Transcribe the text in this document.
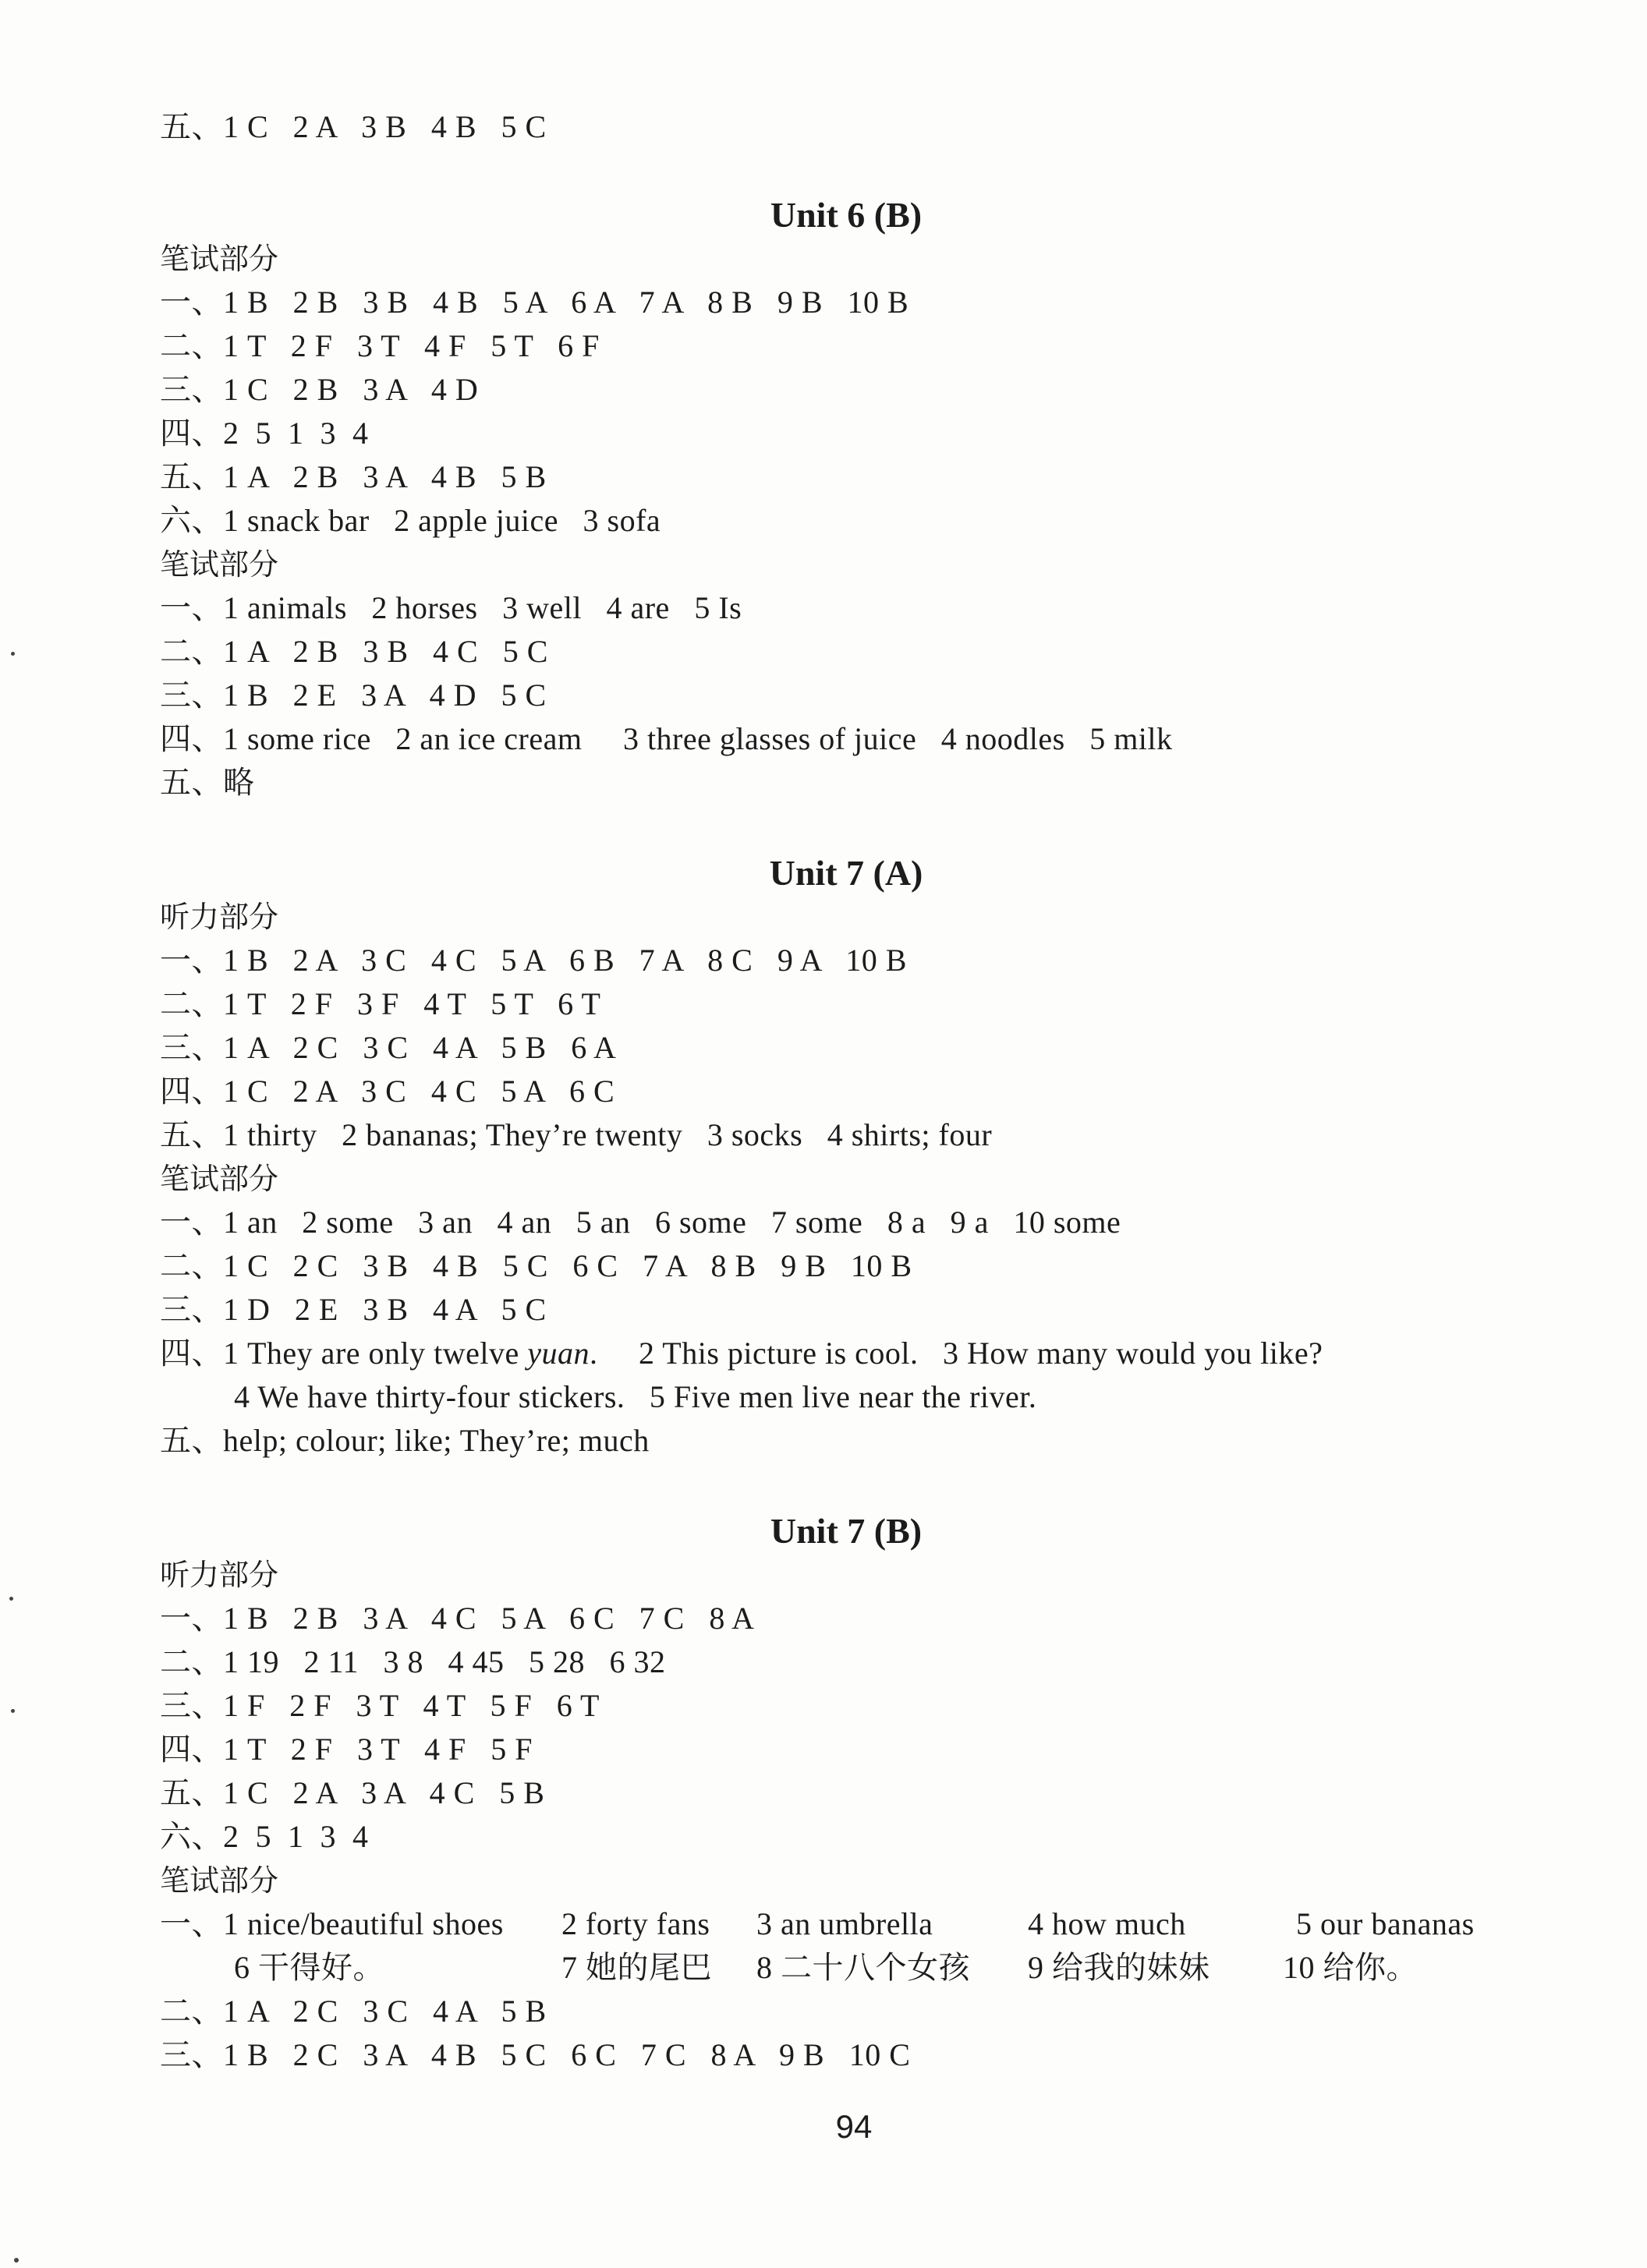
五、1 C   2 A   3 B   4 B   5 C
Unit 6 (B)
笔试部分
一、1 B   2 B   3 B   4 B   5 A   6 A   7 A   8 B   9 B   10 B
二、1 T   2 F   3 T   4 F   5 T   6 F
三、1 C   2 B   3 A   4 D
四、2  5  1  3  4
五、1 A   2 B   3 A   4 B   5 B
六、1 snack bar   2 apple juice   3 sofa
笔试部分
一、1 animals   2 horses   3 well   4 are   5 Is
二、1 A   2 B   3 B   4 C   5 C
三、1 B   2 E   3 A   4 D   5 C
四、1 some rice   2 an ice cream     3 three glasses of juice   4 noodles   5 milk
五、略
Unit 7 (A)
听力部分
一、1 B   2 A   3 C   4 C   5 A   6 B   7 A   8 C   9 A   10 B
二、1 T   2 F   3 F   4 T   5 T   6 T
三、1 A   2 C   3 C   4 A   5 B   6 A
四、1 C   2 A   3 C   4 C   5 A   6 C
五、1 thirty   2 bananas; They’re twenty   3 socks   4 shirts; four
笔试部分
一、1 an   2 some   3 an   4 an   5 an   6 some   7 some   8 a   9 a   10 some
二、1 C   2 C   3 B   4 B   5 C   6 C   7 A   8 B   9 B   10 B
三、1 D   2 E   3 B   4 A   5 C
四、1 They are only twelve yuan.     2 This picture is cool.   3 How many would you like?
4 We have thirty-four stickers.   5 Five men live near the river.
五、help; colour; like; They’re; much
Unit 7 (B)
听力部分
一、1 B   2 B   3 A   4 C   5 A   6 C   7 C   8 A
二、1 19   2 11   3 8   4 45   5 28   6 32
三、1 F   2 F   3 T   4 T   5 F   6 T
四、1 T   2 F   3 T   4 F   5 F
五、1 C   2 A   3 A   4 C   5 B
六、2  5  1  3  4
笔试部分
一、1 nice/beautiful shoes 2 forty fans 3 an umbrella	4 how much	5 our bananas
6 干得好。	7 她的尾巴 8 二十八个女孩 9 给我的妹妹 10 给你。
二、1 A   2 C   3 C   4 A   5 B
三、1 B   2 C   3 A   4 B   5 C   6 C   7 C   8 A   9 B   10 C
94
